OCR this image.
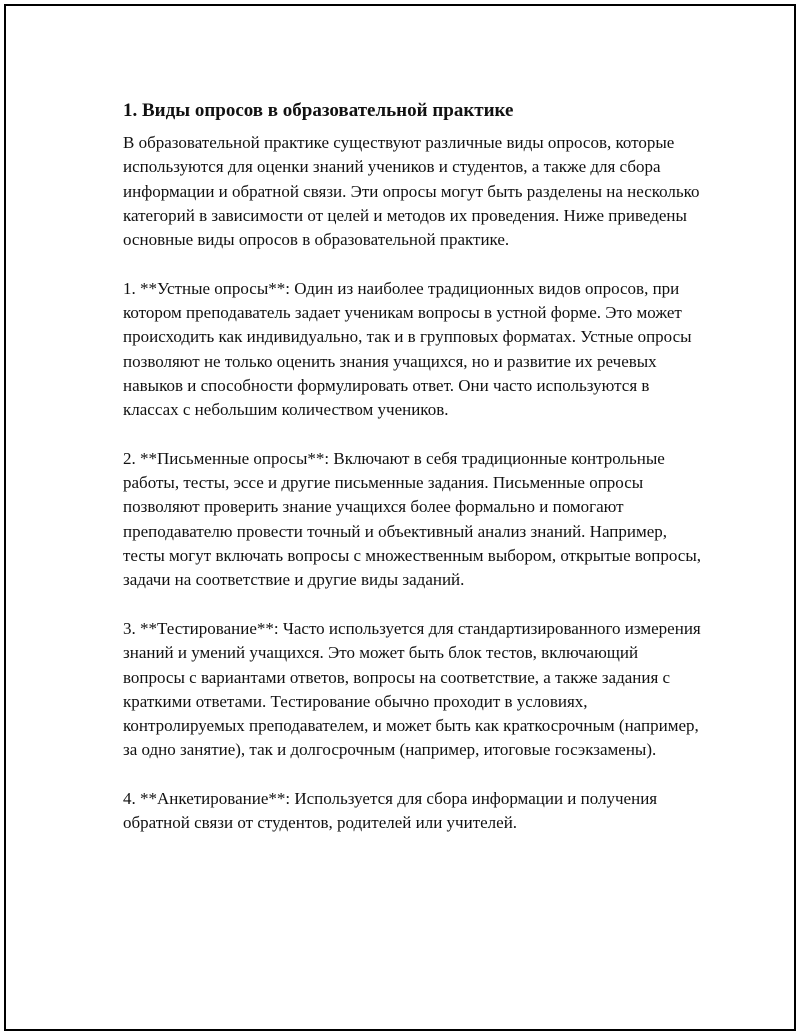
1. Виды опросов в образовательной практике

В образовательной практике существуют различные виды опросов, которые используются для оценки знаний учеников и студентов, а также для сбора информации и обратной связи. Эти опросы могут быть разделены на несколько категорий в зависимости от целей и методов их проведения. Ниже приведены основные виды опросов в образовательной практике.

1. **Устные опросы**: Один из наиболее традиционных видов опросов, при котором преподаватель задает ученикам вопросы в устной форме. Это может происходить как индивидуально, так и в групповых форматах. Устные опросы позволяют не только оценить знания учащихся, но и развитие их речевых навыков и способности формулировать ответ. Они часто используются в классах с небольшим количеством учеников.

2. **Письменные опросы**: Включают в себя традиционные контрольные работы, тесты, эссе и другие письменные задания. Письменные опросы позволяют проверить знание учащихся более формально и помогают преподавателю провести точный и объективный анализ знаний. Например, тесты могут включать вопросы с множественным выбором, открытые вопросы, задачи на соответствие и другие виды заданий.

3. **Тестирование**: Часто используется для стандартизированного измерения знаний и умений учащихся. Это может быть блок тестов, включающий вопросы с вариантами ответов, вопросы на соответствие, а также задания с краткими ответами. Тестирование обычно проходит в условиях, контролируемых преподавателем, и может быть как краткосрочным (например, за одно занятие), так и долгосрочным (например, итоговые госэкзамены).

4. **Анкетирование**: Используется для сбора информации и получения обратной связи от студентов, родителей или учителей.
